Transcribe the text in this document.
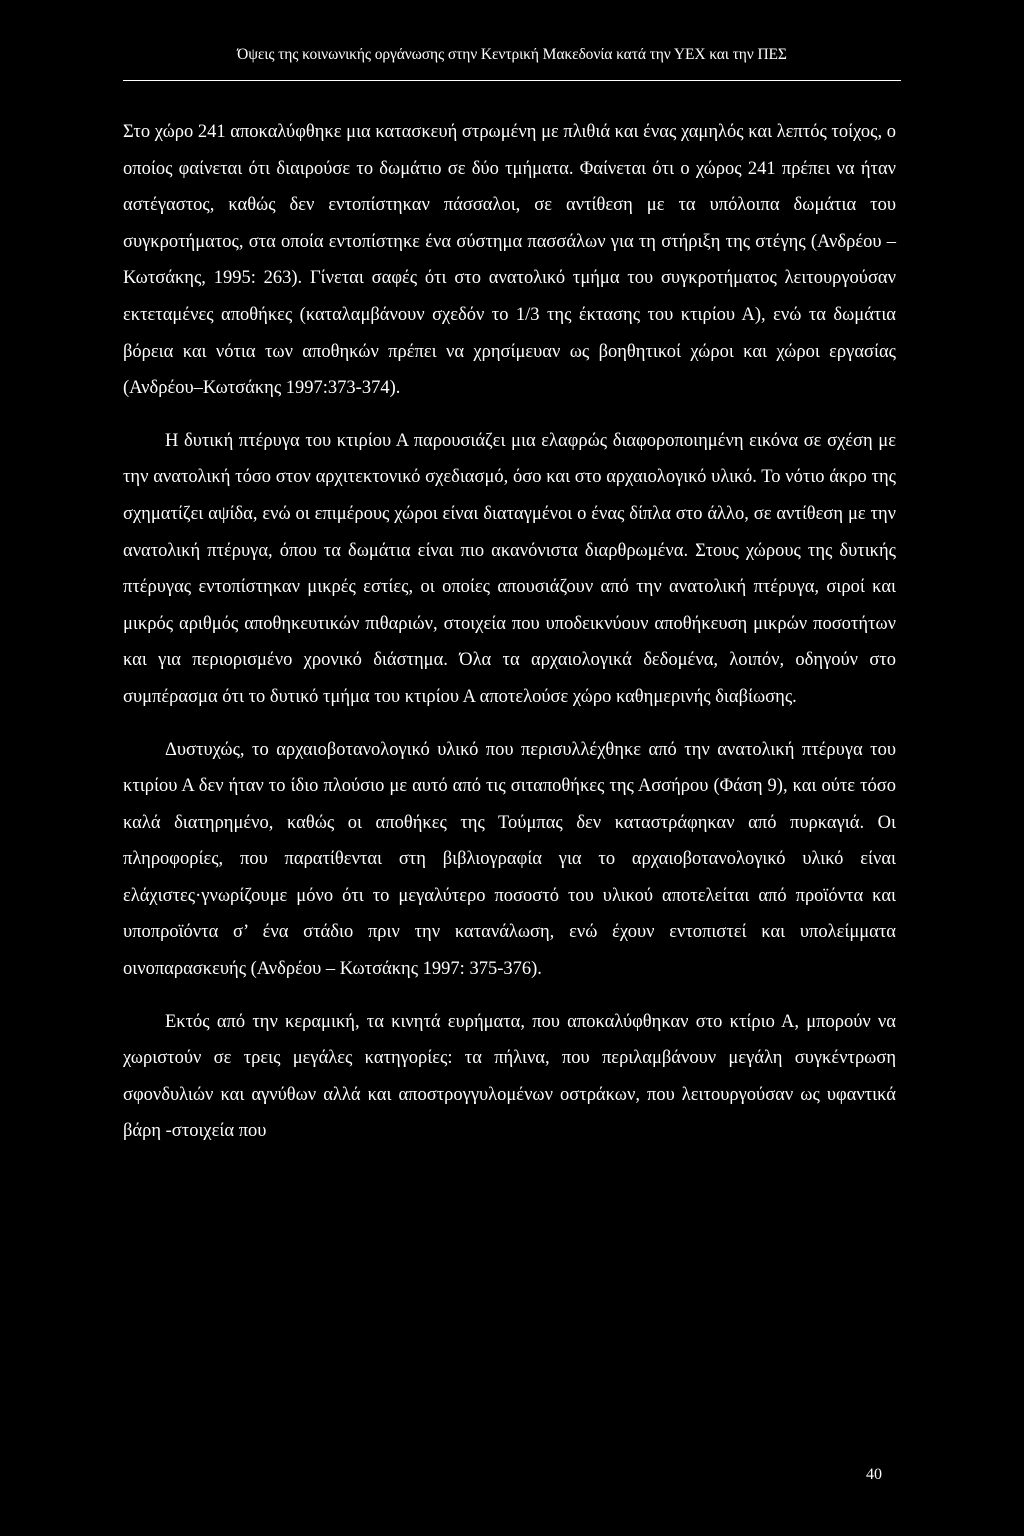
Όψεις της κοινωνικής οργάνωσης στην Κεντρική Μακεδονία κατά την ΥΕΧ και την ΠΕΣ

Στο χώρο 241 αποκαλύφθηκε μια κατασκευή στρωμένη με πλιθιά και ένας χαμηλός και λεπτός τοίχος, ο οποίος φαίνεται ότι διαιρούσε το δωμάτιο σε δύο τμήματα. Φαίνεται ότι ο χώρος 241 πρέπει να ήταν αστέγαστος, καθώς δεν εντοπίστηκαν πάσσαλοι, σε αντίθεση με τα υπόλοιπα δωμάτια του συγκροτήματος, στα οποία εντοπίστηκε ένα σύστημα πασσάλων για τη στήριξη της στέγης (Ανδρέου – Κωτσάκης, 1995: 263). Γίνεται σαφές ότι στο ανατολικό τμήμα του συγκροτήματος λειτουργούσαν εκτεταμένες αποθήκες (καταλαμβάνουν σχεδόν το 1/3 της έκτασης του κτιρίου Α), ενώ τα δωμάτια βόρεια και νότια των αποθηκών πρέπει να χρησίμευαν ως βοηθητικοί χώροι και χώροι εργασίας (Ανδρέου–Κωτσάκης 1997:373-374).

Η δυτική πτέρυγα του κτιρίου Α παρουσιάζει μια ελαφρώς διαφοροποιημένη εικόνα σε σχέση με την ανατολική τόσο στον αρχιτεκτονικό σχεδιασμό, όσο και στο αρχαιολογικό υλικό. Το νότιο άκρο της σχηματίζει αψίδα, ενώ οι επιμέρους χώροι είναι διαταγμένοι ο ένας δίπλα στο άλλο, σε αντίθεση με την ανατολική πτέρυγα, όπου τα δωμάτια είναι πιο ακανόνιστα διαρθρωμένα. Στους χώρους της δυτικής πτέρυγας εντοπίστηκαν μικρές εστίες, οι οποίες απουσιάζουν από την ανατολική πτέρυγα, σιροί και μικρός αριθμός αποθηκευτικών πιθαριών, στοιχεία που υποδεικνύουν αποθήκευση μικρών ποσοτήτων και για περιορισμένο χρονικό διάστημα. Όλα τα αρχαιολογικά δεδομένα, λοιπόν, οδηγούν στο συμπέρασμα ότι το δυτικό τμήμα του κτιρίου Α αποτελούσε χώρο καθημερινής διαβίωσης.

Δυστυχώς, το αρχαιοβοτανολογικό υλικό που περισυλλέχθηκε από την ανατολική πτέρυγα του κτιρίου Α δεν ήταν το ίδιο πλούσιο με αυτό από τις σιταποθήκες της Ασσήρου (Φάση 9), και ούτε τόσο καλά διατηρημένο, καθώς οι αποθήκες της Τούμπας δεν καταστράφηκαν από πυρκαγιά. Οι πληροφορίες, που παρατίθενται στη βιβλιογραφία για το αρχαιοβοτανολογικό υλικό είναι ελάχιστες·γνωρίζουμε μόνο ότι το μεγαλύτερο ποσοστό του υλικού αποτελείται από προϊόντα και υποπροϊόντα σ’ ένα στάδιο πριν την κατανάλωση, ενώ έχουν εντοπιστεί και υπολείμματα οινοπαρασκευής (Ανδρέου – Κωτσάκης 1997: 375-376).

Εκτός από την κεραμική, τα κινητά ευρήματα, που αποκαλύφθηκαν στο κτίριο Α, μπορούν να χωριστούν σε τρεις μεγάλες κατηγορίες: τα πήλινα, που περιλαμβάνουν μεγάλη συγκέντρωση σφονδυλιών και αγνύθων αλλά και αποστρογγυλομένων οστράκων, που λειτουργούσαν ως υφαντικά βάρη -στοιχεία που

40
